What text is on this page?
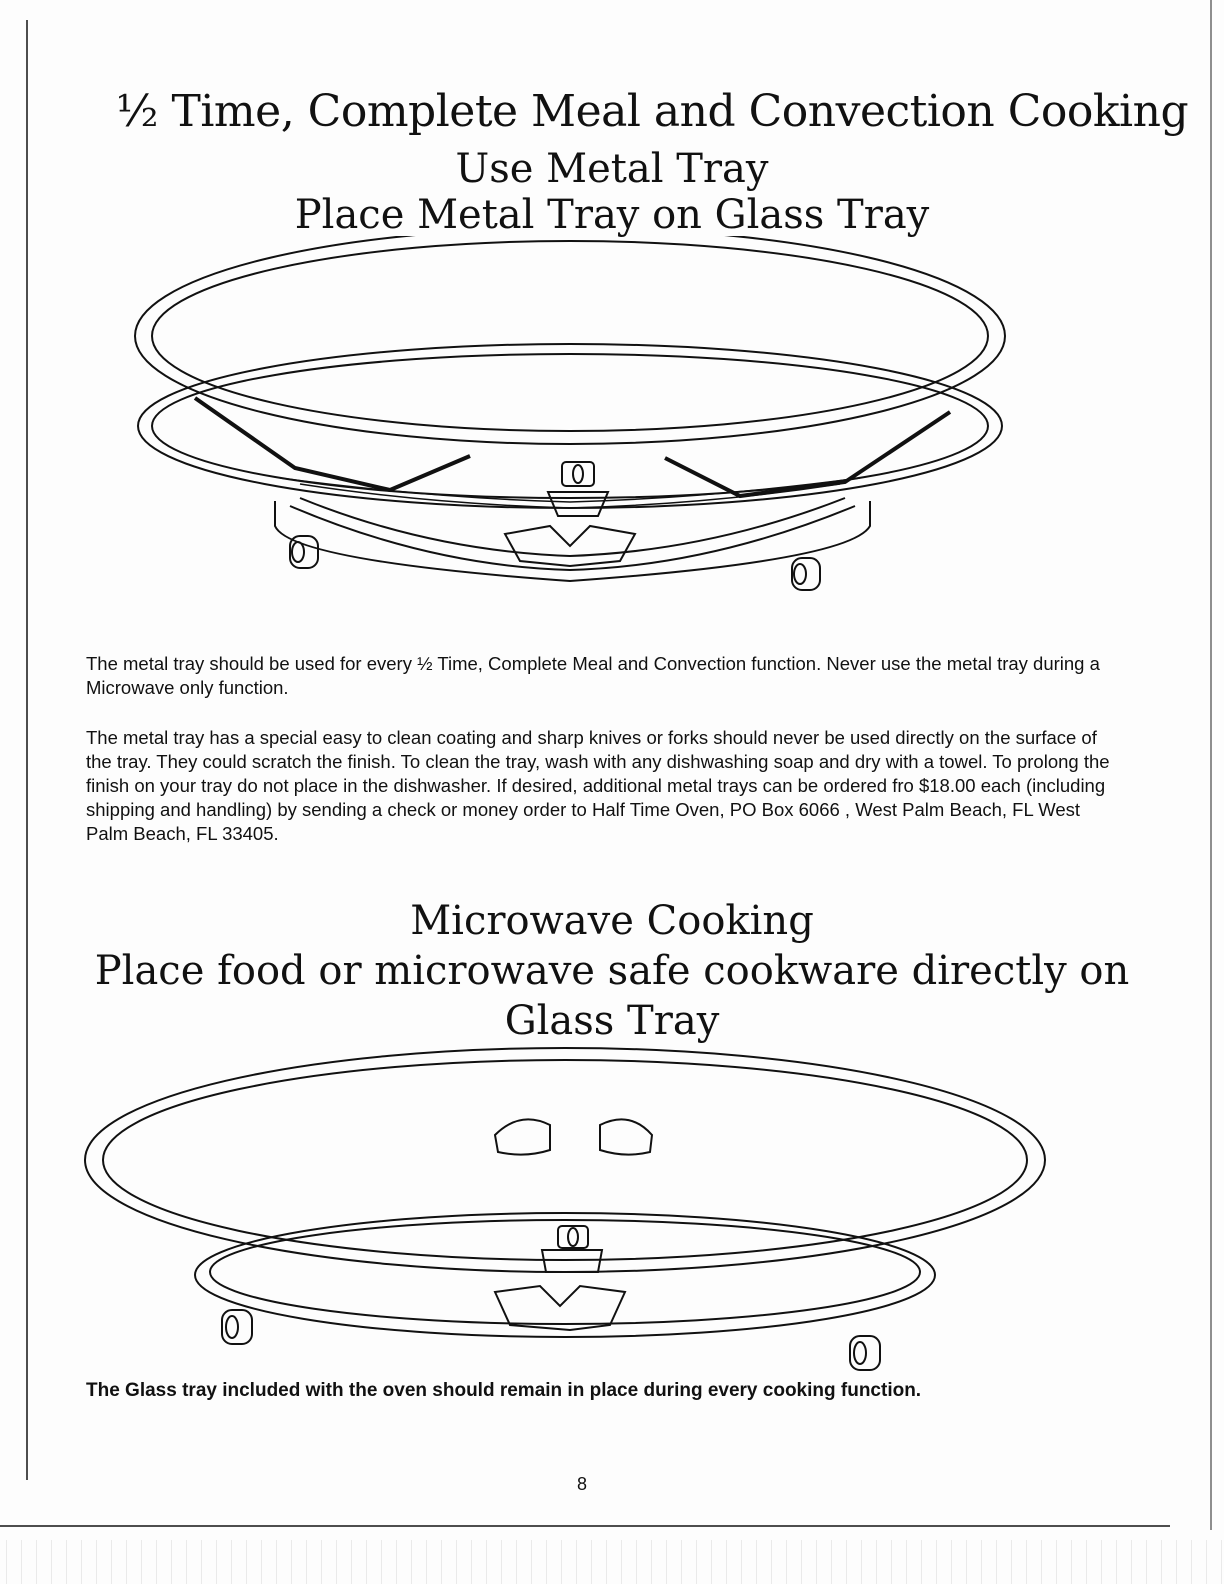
½ Time, Complete Meal and Convection Cooking
Use Metal Tray
Place Metal Tray on Glass Tray

The metal tray should be used for every ½ Time, Complete Meal and Convection function. Never use the metal tray during a Microwave only function.

The metal tray has a special easy to clean coating and sharp knives or forks should never be used directly on the surface of the tray. They could scratch the finish. To clean the tray, wash with any dishwashing soap and dry with a towel. To prolong the finish on your tray do not place in the dishwasher. If desired, additional metal trays can be ordered fro $18.00 each (including shipping and handling) by sending a check or money order to Half Time Oven, PO Box 6066 , West Palm Beach, FL West Palm Beach, FL 33405.

Microwave Cooking
Place food or microwave safe cookware directly on
Glass Tray

The Glass tray included with the oven should remain in place during every cooking function.

8
